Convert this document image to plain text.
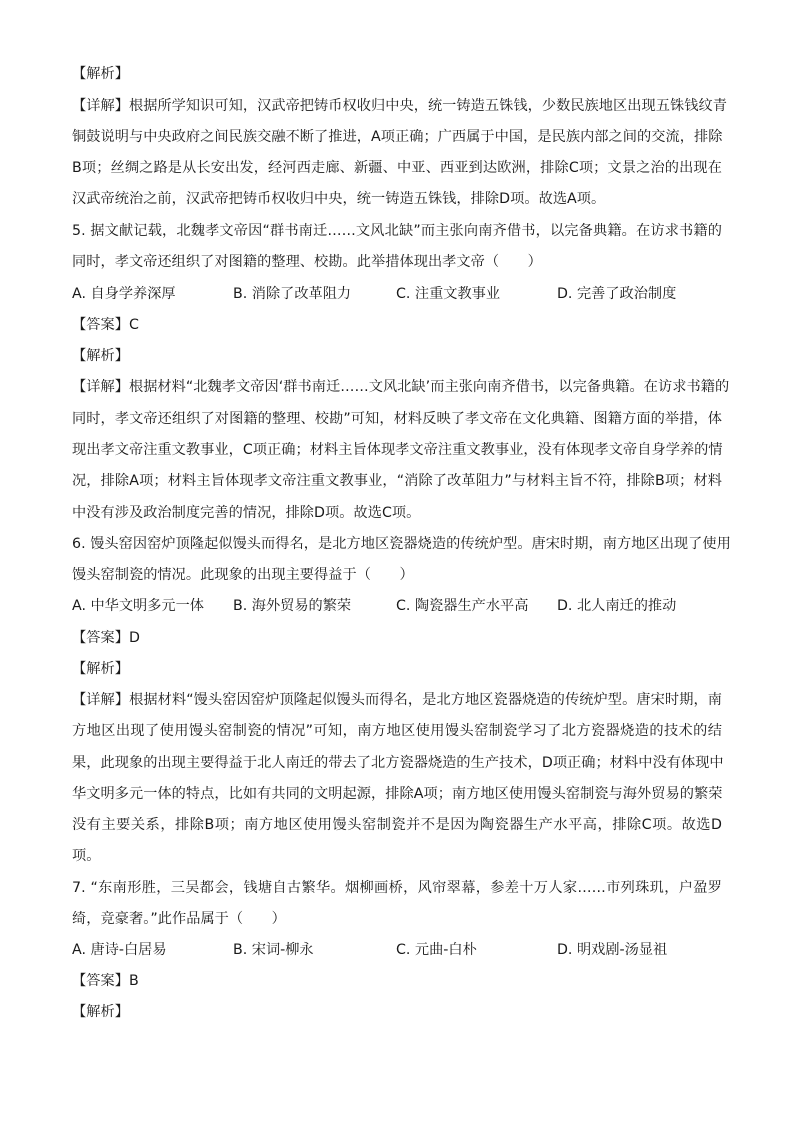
【解析】
【详解】根据所学知识可知，汉武帝把铸币权收归中央，统一铸造五铢钱，少数民族地区出现五铢钱纹青
铜鼓说明与中央政府之间民族交融不断了推进，A项正确；广西属于中国，是民族内部之间的交流，排除
B项；丝绸之路是从长安出发，经河西走廊、新疆、中亚、西亚到达欧洲，排除C项；文景之治的出现在
汉武帝统治之前，汉武帝把铸币权收归中央，统一铸造五铢钱，排除D项。故选A项。
5. 据文献记载，北魏孝文帝因“群书南迁……文风北缺”而主张向南齐借书，以完备典籍。在访求书籍的
同时，孝文帝还组织了对图籍的整理、校勘。此举措体现出孝文帝（　　）
A. 自身学养深厚	B. 消除了改革阻力	C. 注重文教事业	D. 完善了政治制度
【答案】C
【解析】
【详解】根据材料“北魏孝文帝因‘群书南迁……文风北缺’而主张向南齐借书，以完备典籍。在访求书籍的
同时，孝文帝还组织了对图籍的整理、校勘”可知，材料反映了孝文帝在文化典籍、图籍方面的举措，体
现出孝文帝注重文教事业，C项正确；材料主旨体现孝文帝注重文教事业，没有体现孝文帝自身学养的情
况，排除A项；材料主旨体现孝文帝注重文教事业，“消除了改革阻力”与材料主旨不符，排除B项；材料
中没有涉及政治制度完善的情况，排除D项。故选C项。
6. 馒头窑因窑炉顶隆起似馒头而得名，是北方地区瓷器烧造的传统炉型。唐宋时期，南方地区出现了使用
馒头窑制瓷的情况。此现象的出现主要得益于（　　）
A. 中华文明多元一体 B. 海外贸易的繁荣	C. 陶瓷器生产水平高 D. 北人南迁的推动
【答案】D
【解析】
【详解】根据材料“馒头窑因窑炉顶隆起似馒头而得名，是北方地区瓷器烧造的传统炉型。唐宋时期，南
方地区出现了使用馒头窑制瓷的情况”可知，南方地区使用馒头窑制瓷学习了北方瓷器烧造的技术的结
果，此现象的出现主要得益于北人南迁的带去了北方瓷器烧造的生产技术，D项正确；材料中没有体现中
华文明多元一体的特点，比如有共同的文明起源，排除A项；南方地区使用馒头窑制瓷与海外贸易的繁荣
没有主要关系，排除B项；南方地区使用馒头窑制瓷并不是因为陶瓷器生产水平高，排除C项。故选D
项。
7. “东南形胜，三吴都会，钱塘自古繁华。烟柳画桥，风帘翠幕，参差十万人家……市列珠玑，户盈罗
绮，竞豪奢。”此作品属于（　　）
A. 唐诗-白居易	B. 宋词-柳永	C. 元曲-白朴	D. 明戏剧-汤显祖
【答案】B
【解析】
